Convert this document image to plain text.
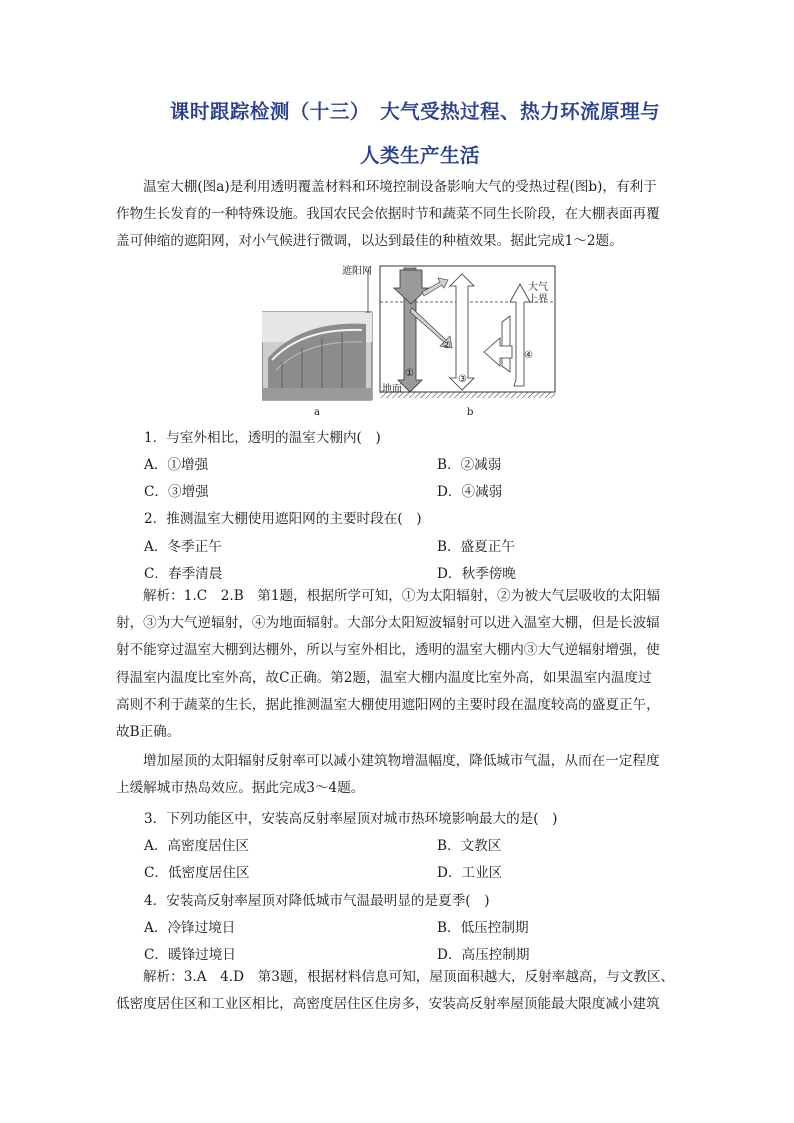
课时跟踪检测（十三）　大气受热过程、热力环流原理与
人类生产生活
温室大棚(图a)是利用透明覆盖材料和环境控制设备影响大气的受热过程(图b)，有利于
作物生长发育的一种特殊设施。我国农民会依据时节和蔬菜不同生长阶段，在大棚表面再覆
盖可伸缩的遮阳网，对小气候进行微调，以达到最佳的种植效果。据此完成1～2题。
遮阳网
大气
上界
地面
①
②
③
④
a	b
1．与室外相比，透明的温室大棚内(　)
A．①增强	B．②减弱
C．③增强	D．④减弱
2．推测温室大棚使用遮阳网的主要时段在(　)
A．冬季正午	B．盛夏正午
C．春季清晨	D．秋季傍晚
解析：1.C　2.B　第1题，根据所学可知，①为太阳辐射，②为被大气层吸收的太阳辐
射，③为大气逆辐射，④为地面辐射。大部分太阳短波辐射可以进入温室大棚，但是长波辐
射不能穿过温室大棚到达棚外，所以与室外相比，透明的温室大棚内③大气逆辐射增强，使
得温室内温度比室外高，故C正确。第2题，温室大棚内温度比室外高，如果温室内温度过
高则不利于蔬菜的生长，据此推测温室大棚使用遮阳网的主要时段在温度较高的盛夏正午，
故B正确。
增加屋顶的太阳辐射反射率可以减小建筑物增温幅度，降低城市气温，从而在一定程度
上缓解城市热岛效应。据此完成3～4题。
3．下列功能区中，安装高反射率屋顶对城市热环境影响最大的是(　)
A．高密度居住区	B．文教区
C．低密度居住区	D．工业区
4．安装高反射率屋顶对降低城市气温最明显的是夏季(　)
A．冷锋过境日	B．低压控制期
C．暖锋过境日	D．高压控制期
解析：3.A　4.D　第3题，根据材料信息可知，屋顶面积越大，反射率越高，与文教区、
低密度居住区和工业区相比，高密度居住区住房多，安装高反射率屋顶能最大限度减小建筑
